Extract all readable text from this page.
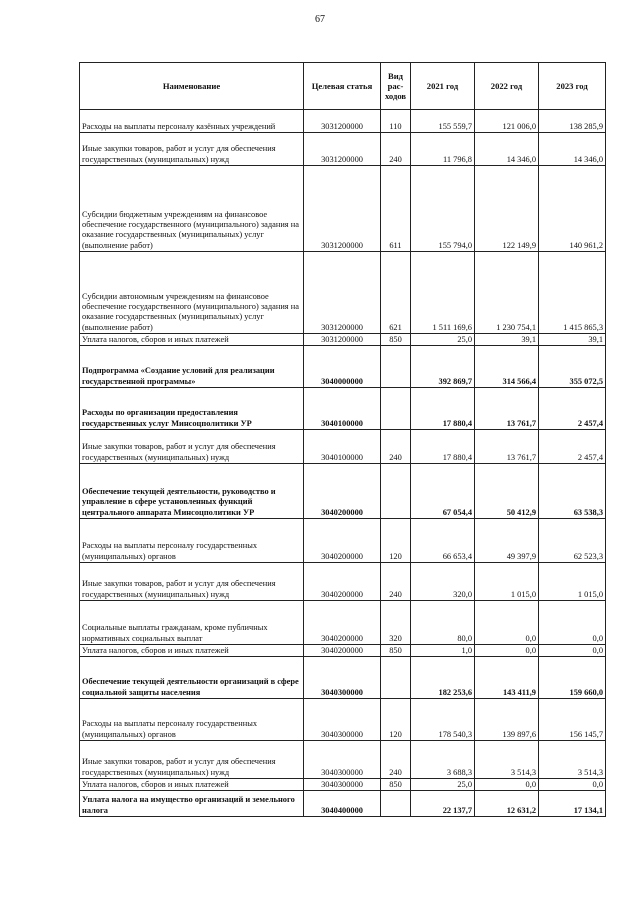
67
Наименование	Целевая статья	Вид рас-ходов	2021 год	2022 год	2023 год
Расходы на выплаты персоналу казённых учреждений	3031200000	110	155 559,7	121 006,0	138 285,9
Иные закупки товаров, работ и услуг для обеспечения государственных (муниципальных) нужд	3031200000	240	11 796,8	14 346,0	14 346,0
Субсидии бюджетным учреждениям на финансовое обеспечение государственного (муниципального) задания на оказание государственных (муниципальных) услуг (выполнение работ)	3031200000	611	155 794,0	122 149,9	140 961,2
Субсидии автономным учреждениям на финансовое обеспечение государственного (муниципального) задания на оказание государственных (муниципальных) услуг (выполнение работ)	3031200000	621	1 511 169,6	1 230 754,1	1 415 865,3
Уплата налогов, сборов и иных платежей	3031200000	850	25,0	39,1	39,1
Подпрограмма «Создание условий для реализации государственной программы»	3040000000		392 869,7	314 566,4	355 072,5
Расходы по организации предоставления государственных услуг Минсоцполитики УР	3040100000		17 880,4	13 761,7	2 457,4
Иные закупки товаров, работ и услуг для обеспечения государственных (муниципальных) нужд	3040100000	240	17 880,4	13 761,7	2 457,4
Обеспечение текущей деятельности, руководство и управление в сфере установленных функций центрального аппарата Минсоцполитики УР	3040200000		67 054,4	50 412,9	63 538,3
Расходы на выплаты персоналу государственных (муниципальных) органов	3040200000	120	66 653,4	49 397,9	62 523,3
Иные закупки товаров, работ и услуг для обеспечения государственных (муниципальных) нужд	3040200000	240	320,0	1 015,0	1 015,0
Социальные выплаты гражданам, кроме публичных нормативных социальных выплат	3040200000	320	80,0	0,0	0,0
Уплата налогов, сборов и иных платежей	3040200000	850	1,0	0,0	0,0
Обеспечение текущей деятельности организаций в сфере социальной защиты населения	3040300000		182 253,6	143 411,9	159 660,0
Расходы на выплаты персоналу государственных (муниципальных) органов	3040300000	120	178 540,3	139 897,6	156 145,7
Иные закупки товаров, работ и услуг для обеспечения государственных (муниципальных) нужд	3040300000	240	3 688,3	3 514,3	3 514,3
Уплата налогов, сборов и иных платежей	3040300000	850	25,0	0,0	0,0
Уплата налога на имущество организаций и земельного налога	3040400000		22 137,7	12 631,2	17 134,1
